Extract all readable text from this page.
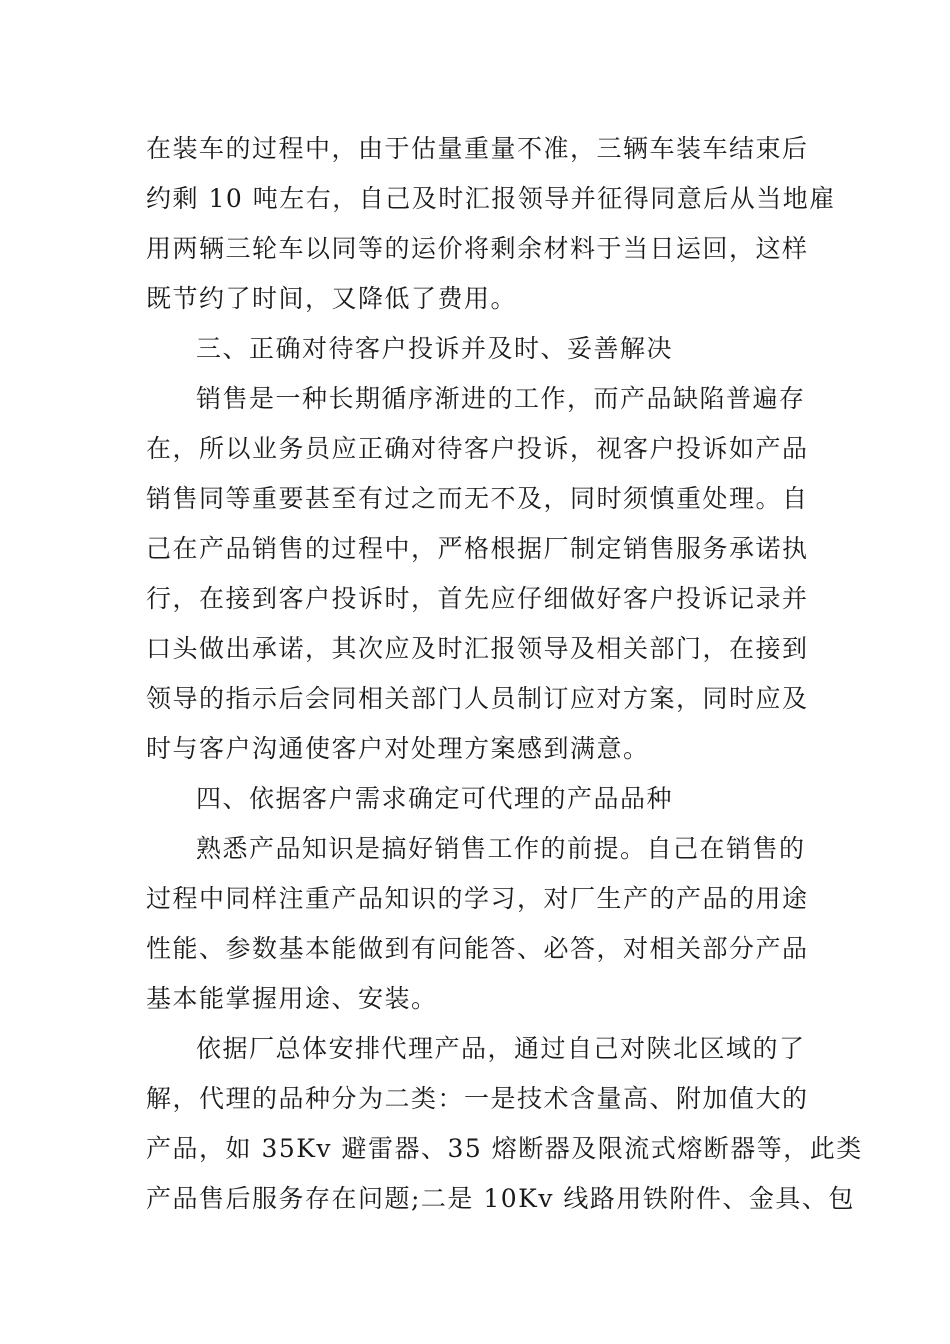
在装车的过程中，由于估量重量不准，三辆车装车结束后
约剩 10 吨左右，自己及时汇报领导并征得同意后从当地雇
用两辆三轮车以同等的运价将剩余材料于当日运回，这样
既节约了时间，又降低了费用。
三、正确对待客户投诉并及时、妥善解决
销售是一种长期循序渐进的工作，而产品缺陷普遍存
在，所以业务员应正确对待客户投诉，视客户投诉如产品
销售同等重要甚至有过之而无不及，同时须慎重处理。自
己在产品销售的过程中，严格根据厂制定销售服务承诺执
行，在接到客户投诉时，首先应仔细做好客户投诉记录并
口头做出承诺，其次应及时汇报领导及相关部门，在接到
领导的指示后会同相关部门人员制订应对方案，同时应及
时与客户沟通使客户对处理方案感到满意。
四、依据客户需求确定可代理的产品品种
熟悉产品知识是搞好销售工作的前提。自己在销售的
过程中同样注重产品知识的学习，对厂生产的产品的用途
性能、参数基本能做到有问能答、必答，对相关部分产品
基本能掌握用途、安装。
依据厂总体安排代理产品，通过自己对陕北区域的了
解，代理的品种分为二类：一是技术含量高、附加值大的
产品，如 35Kv 避雷器、35 熔断器及限流式熔断器等，此类
产品售后服务存在问题;二是 10Kv 线路用铁附件、金具、包
